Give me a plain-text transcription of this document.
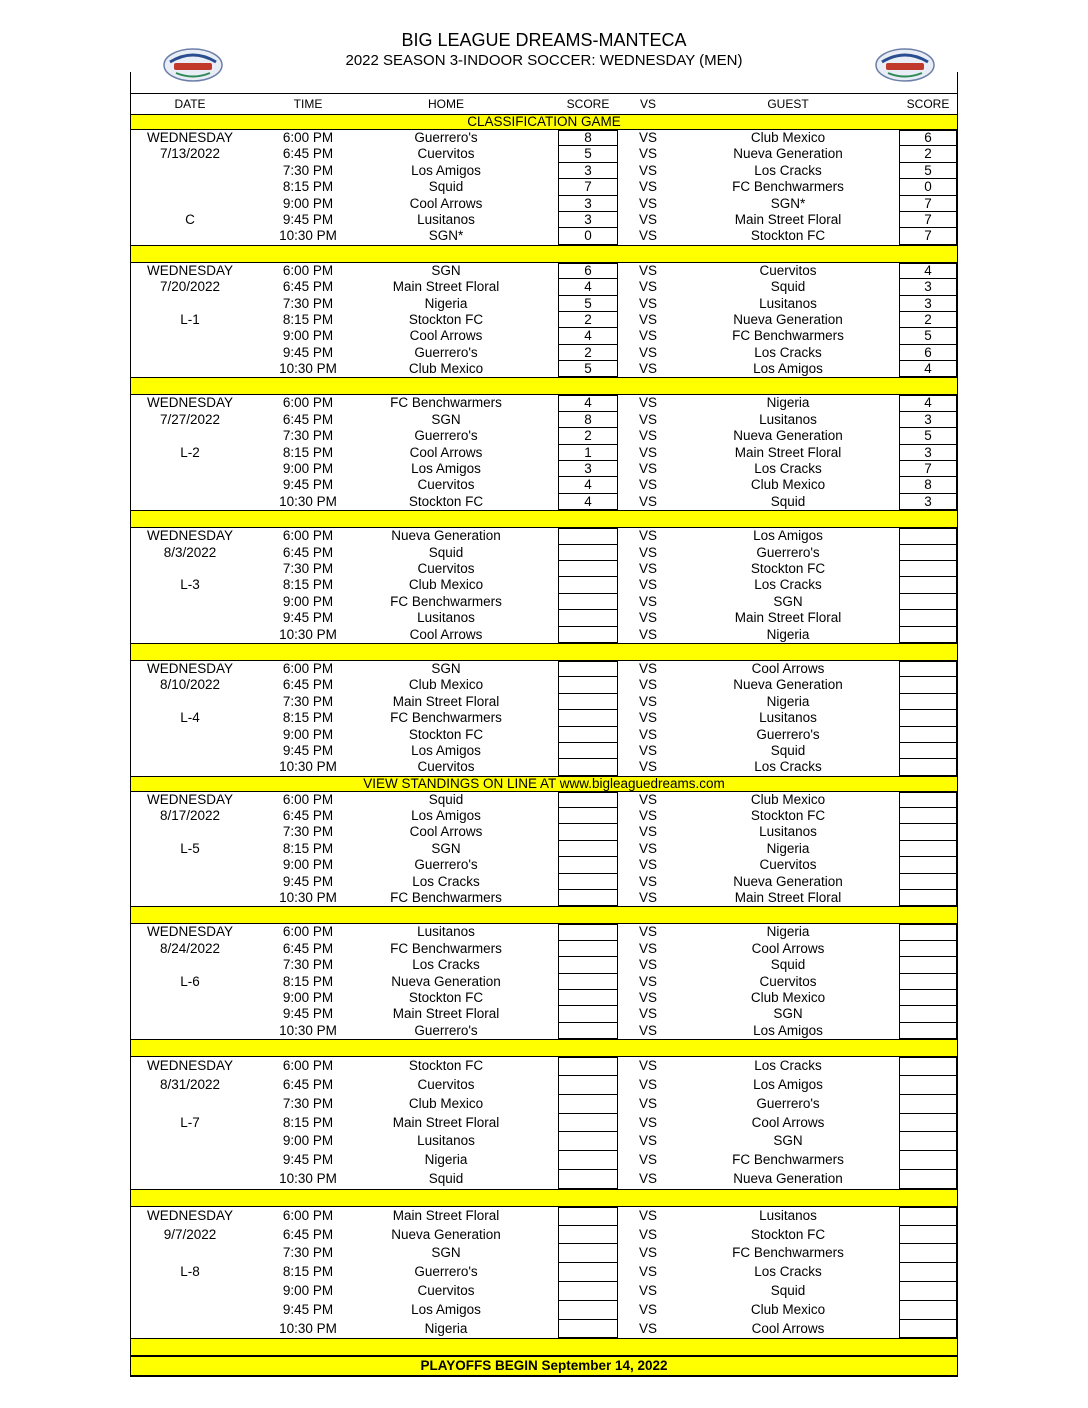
BIG LEAGUE DREAMS-MANTECA
2022 SEASON 3-INDOOR SOCCER: WEDNESDAY (MEN)
DATE	TIME	HOME	SCORE	VS	GUEST	SCORE
CLASSIFICATION GAME
WEDNESDAY	6:00 PM	Guerrero's	8	VS	Club Mexico	6
7/13/2022	6:45 PM	Cuervitos	5	VS	Nueva Generation	2
7:30 PM	Los Amigos	3	VS	Los Cracks	5
8:15 PM	Squid	7	VS	FC Benchwarmers	0
9:00 PM	Cool Arrows	3	VS	SGN*	7
C	9:45 PM	Lusitanos	3	VS	Main Street Floral	7
10:30 PM	SGN*	0	VS	Stockton FC	7
WEDNESDAY	6:00 PM	SGN	6	VS	Cuervitos	4
7/20/2022	6:45 PM	Main Street Floral	4	VS	Squid	3
7:30 PM	Nigeria	5	VS	Lusitanos	3
L-1	8:15 PM	Stockton FC	2	VS	Nueva Generation	2
9:00 PM	Cool Arrows	4	VS	FC Benchwarmers	5
9:45 PM	Guerrero's	2	VS	Los Cracks	6
10:30 PM	Club Mexico	5	VS	Los Amigos	4
WEDNESDAY	6:00 PM	FC Benchwarmers	4	VS	Nigeria	4
7/27/2022	6:45 PM	SGN	8	VS	Lusitanos	3
7:30 PM	Guerrero's	2	VS	Nueva Generation	5
L-2	8:15 PM	Cool Arrows	1	VS	Main Street Floral	3
9:00 PM	Los Amigos	3	VS	Los Cracks	7
9:45 PM	Cuervitos	4	VS	Club Mexico	8
10:30 PM	Stockton FC	4	VS	Squid	3
WEDNESDAY	6:00 PM	Nueva Generation	VS	Los Amigos
8/3/2022	6:45 PM	Squid	VS	Guerrero's
7:30 PM	Cuervitos	VS	Stockton FC
L-3	8:15 PM	Club Mexico	VS	Los Cracks
9:00 PM	FC Benchwarmers	VS	SGN
9:45 PM	Lusitanos	VS	Main Street Floral
10:30 PM	Cool Arrows	VS	Nigeria
WEDNESDAY	6:00 PM	SGN	VS	Cool Arrows
8/10/2022	6:45 PM	Club Mexico	VS	Nueva Generation
7:30 PM	Main Street Floral	VS	Nigeria
L-4	8:15 PM	FC Benchwarmers	VS	Lusitanos
9:00 PM	Stockton FC	VS	Guerrero's
9:45 PM	Los Amigos	VS	Squid
10:30 PM	Cuervitos	VS	Los Cracks
VIEW STANDINGS ON LINE AT www.bigleaguedreams.com
WEDNESDAY	6:00 PM	Squid	VS	Club Mexico
8/17/2022	6:45 PM	Los Amigos	VS	Stockton FC
7:30 PM	Cool Arrows	VS	Lusitanos
L-5	8:15 PM	SGN	VS	Nigeria
9:00 PM	Guerrero's	VS	Cuervitos
9:45 PM	Los Cracks	VS	Nueva Generation
10:30 PM	FC Benchwarmers	VS	Main Street Floral
WEDNESDAY	6:00 PM	Lusitanos	VS	Nigeria
8/24/2022	6:45 PM	FC Benchwarmers	VS	Cool Arrows
7:30 PM	Los Cracks	VS	Squid
L-6	8:15 PM	Nueva Generation	VS	Cuervitos
9:00 PM	Stockton FC	VS	Club Mexico
9:45 PM	Main Street Floral	VS	SGN
10:30 PM	Guerrero's	VS	Los Amigos
WEDNESDAY	6:00 PM	Stockton FC	VS	Los Cracks
8/31/2022	6:45 PM	Cuervitos	VS	Los Amigos
7:30 PM	Club Mexico	VS	Guerrero's
L-7	8:15 PM	Main Street Floral	VS	Cool Arrows
9:00 PM	Lusitanos	VS	SGN
9:45 PM	Nigeria	VS	FC Benchwarmers
10:30 PM	Squid	VS	Nueva Generation
WEDNESDAY	6:00 PM	Main Street Floral	VS	Lusitanos
9/7/2022	6:45 PM	Nueva Generation	VS	Stockton FC
7:30 PM	SGN	VS	FC Benchwarmers
L-8	8:15 PM	Guerrero's	VS	Los Cracks
9:00 PM	Cuervitos	VS	Squid
9:45 PM	Los Amigos	VS	Club Mexico
10:30 PM	Nigeria	VS	Cool Arrows
PLAYOFFS BEGIN September 14, 2022
